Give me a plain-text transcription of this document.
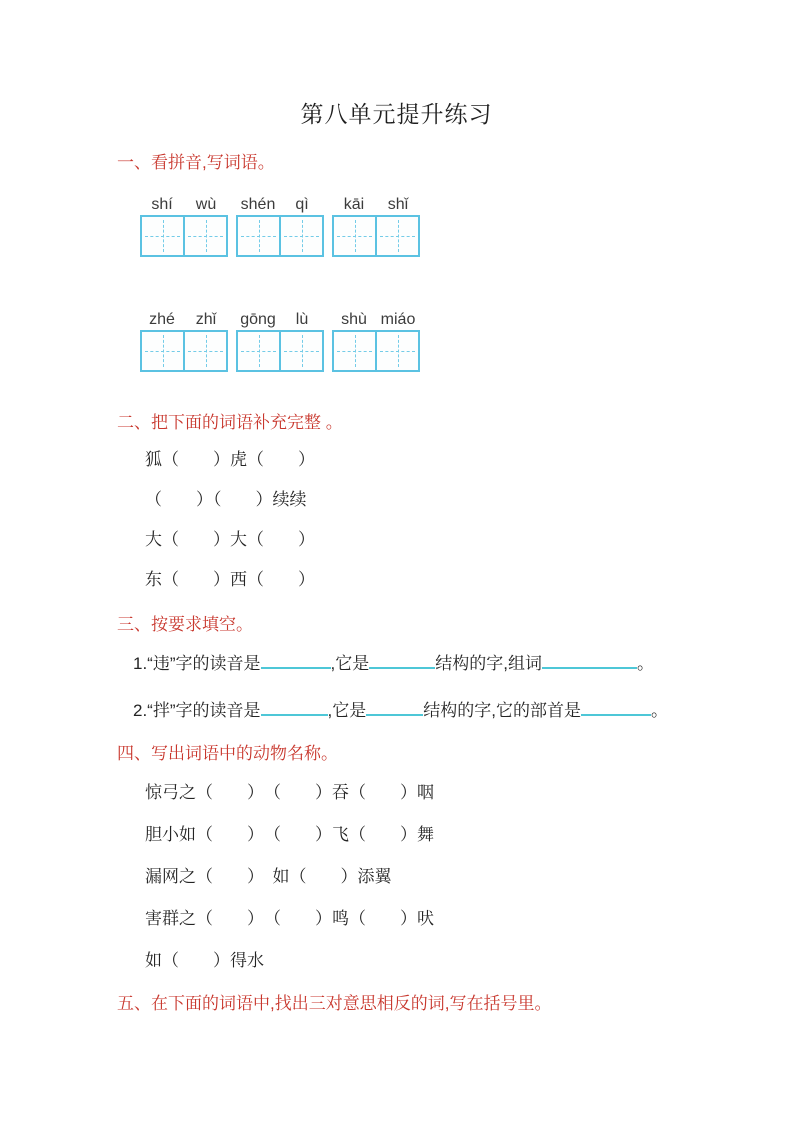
第八单元提升练习
一、看拼音,写词语。
shí	wù	shén	qì	kāi	shǐ
zhé	zhǐ	gōng	lù	shù miáo
二、把下面的词语补充完整 。
狐（　　）虎（　　）
（　　）（　　）续续
大（　　）大（　　）
东（　　）西（　　）
三、按要求填空。
1.“违”字的读音是	,它是	结构的字,组词	。
2.“拌”字的读音是	,它是	结构的字,它的部首是	。
四、写出词语中的动物名称。
惊弓之（　　）　（　　）吞（　　）咽
胆小如（　　）　（　　）飞（　　）舞
漏网之（　　）　如（　　）添翼
害群之（　　）　（　　）鸣（　　）吠
如（　　）得水
五、在下面的词语中,找出三对意思相反的词,写在括号里。
